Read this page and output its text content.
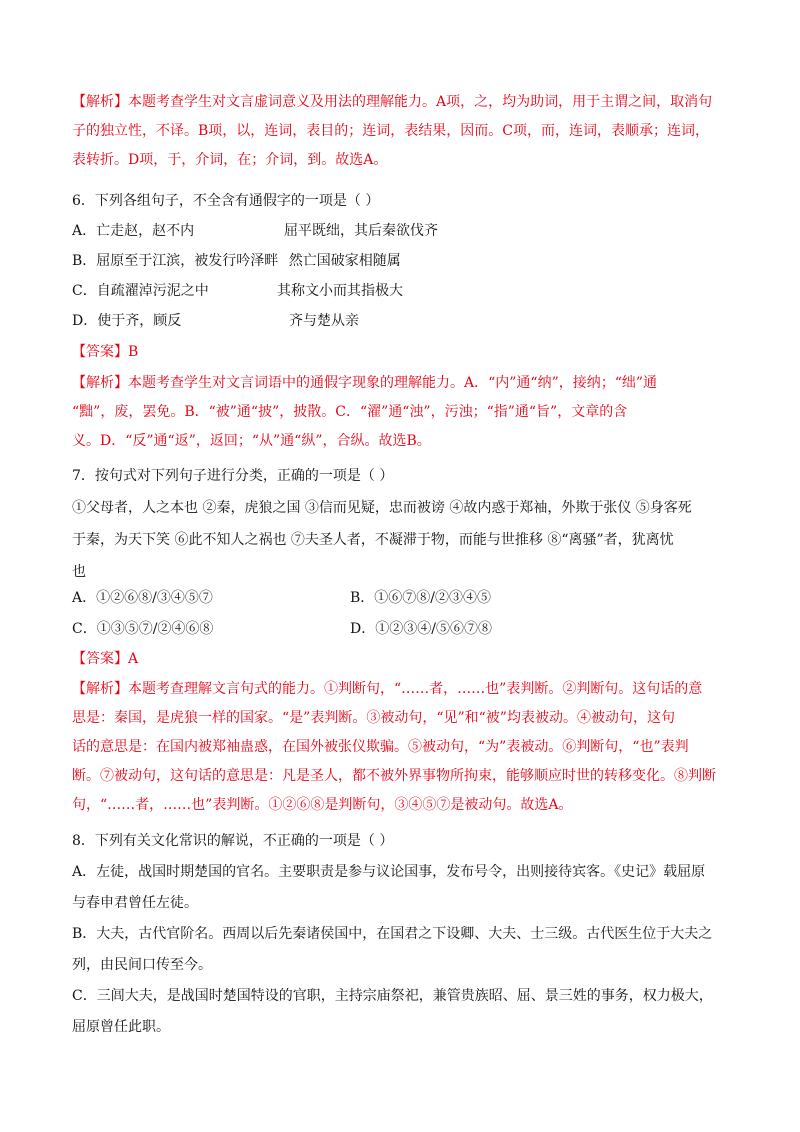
【解析】本题考查学生对文言虚词意义及用法的理解能力。A项，之，均为助词，用于主谓之间，取消句
子的独立性，不译。B项，以，连词，表目的；连词，表结果，因而。C项，而，连词，表顺承；连词，
表转折。D项，于，介词，在；介词，到。故选A。
6．下列各组句子，不全含有通假字的一项是（ ）
A．亡走赵，赵不内	屈平既绌，其后秦欲伐齐
B．屈原至于江滨，被发行吟泽畔 然亡国破家相随属
C．自疏濯淖污泥之中	其称文小而其指极大
D．使于齐，顾反	齐与楚从亲
【答案】B
【解析】本题考查学生对文言词语中的通假字现象的理解能力。A．“内”通“纳”，接纳；“绌”通
“黜”，废，罢免。B．“被”通“披”，披散。C．“濯”通“浊”，污浊；“指”通“旨”，文章的含
义。D．“反”通“返”，返回；“从”通“纵”，合纵。故选B。
7．按句式对下列句子进行分类，正确的一项是（ ）
①父母者，人之本也 ②秦，虎狼之国 ③信而见疑，忠而被谤 ④故内惑于郑袖，外欺于张仪 ⑤身客死
于秦，为天下笑 ⑥此不知人之祸也 ⑦夫圣人者，不凝滞于物，而能与世推移 ⑧“离骚”者，犹离忧
也
A．①②⑥⑧/③④⑤⑦	B．①⑥⑦⑧/②③④⑤
C．①③⑤⑦/②④⑥⑧	D．①②③④/⑤⑥⑦⑧
【答案】A
【解析】本题考查理解文言句式的能力。①判断句，“……者，……也”表判断。②判断句。这句话的意
思是：秦国，是虎狼一样的国家。“是”表判断。③被动句，“见”和“被”均表被动。④被动句，这句
话的意思是：在国内被郑袖蛊惑，在国外被张仪欺骗。⑤被动句，“为”表被动。⑥判断句，“也”表判
断。⑦被动句，这句话的意思是：凡是圣人，都不被外界事物所拘束，能够顺应时世的转移变化。⑧判断
句，“……者，……也”表判断。①②⑥⑧是判断句，③④⑤⑦是被动句。故选A。
8．下列有关文化常识的解说，不正确的一项是（ ）
A．左徒，战国时期楚国的官名。主要职责是参与议论国事，发布号令，出则接待宾客。《史记》载屈原
与春申君曾任左徒。
B．大夫，古代官阶名。西周以后先秦诸侯国中，在国君之下设卿、大夫、士三级。古代医生位于大夫之
列，由民间口传至今。
C．三闾大夫，是战国时楚国特设的官职，主持宗庙祭祀，兼管贵族昭、屈、景三姓的事务，权力极大，
屈原曾任此职。
